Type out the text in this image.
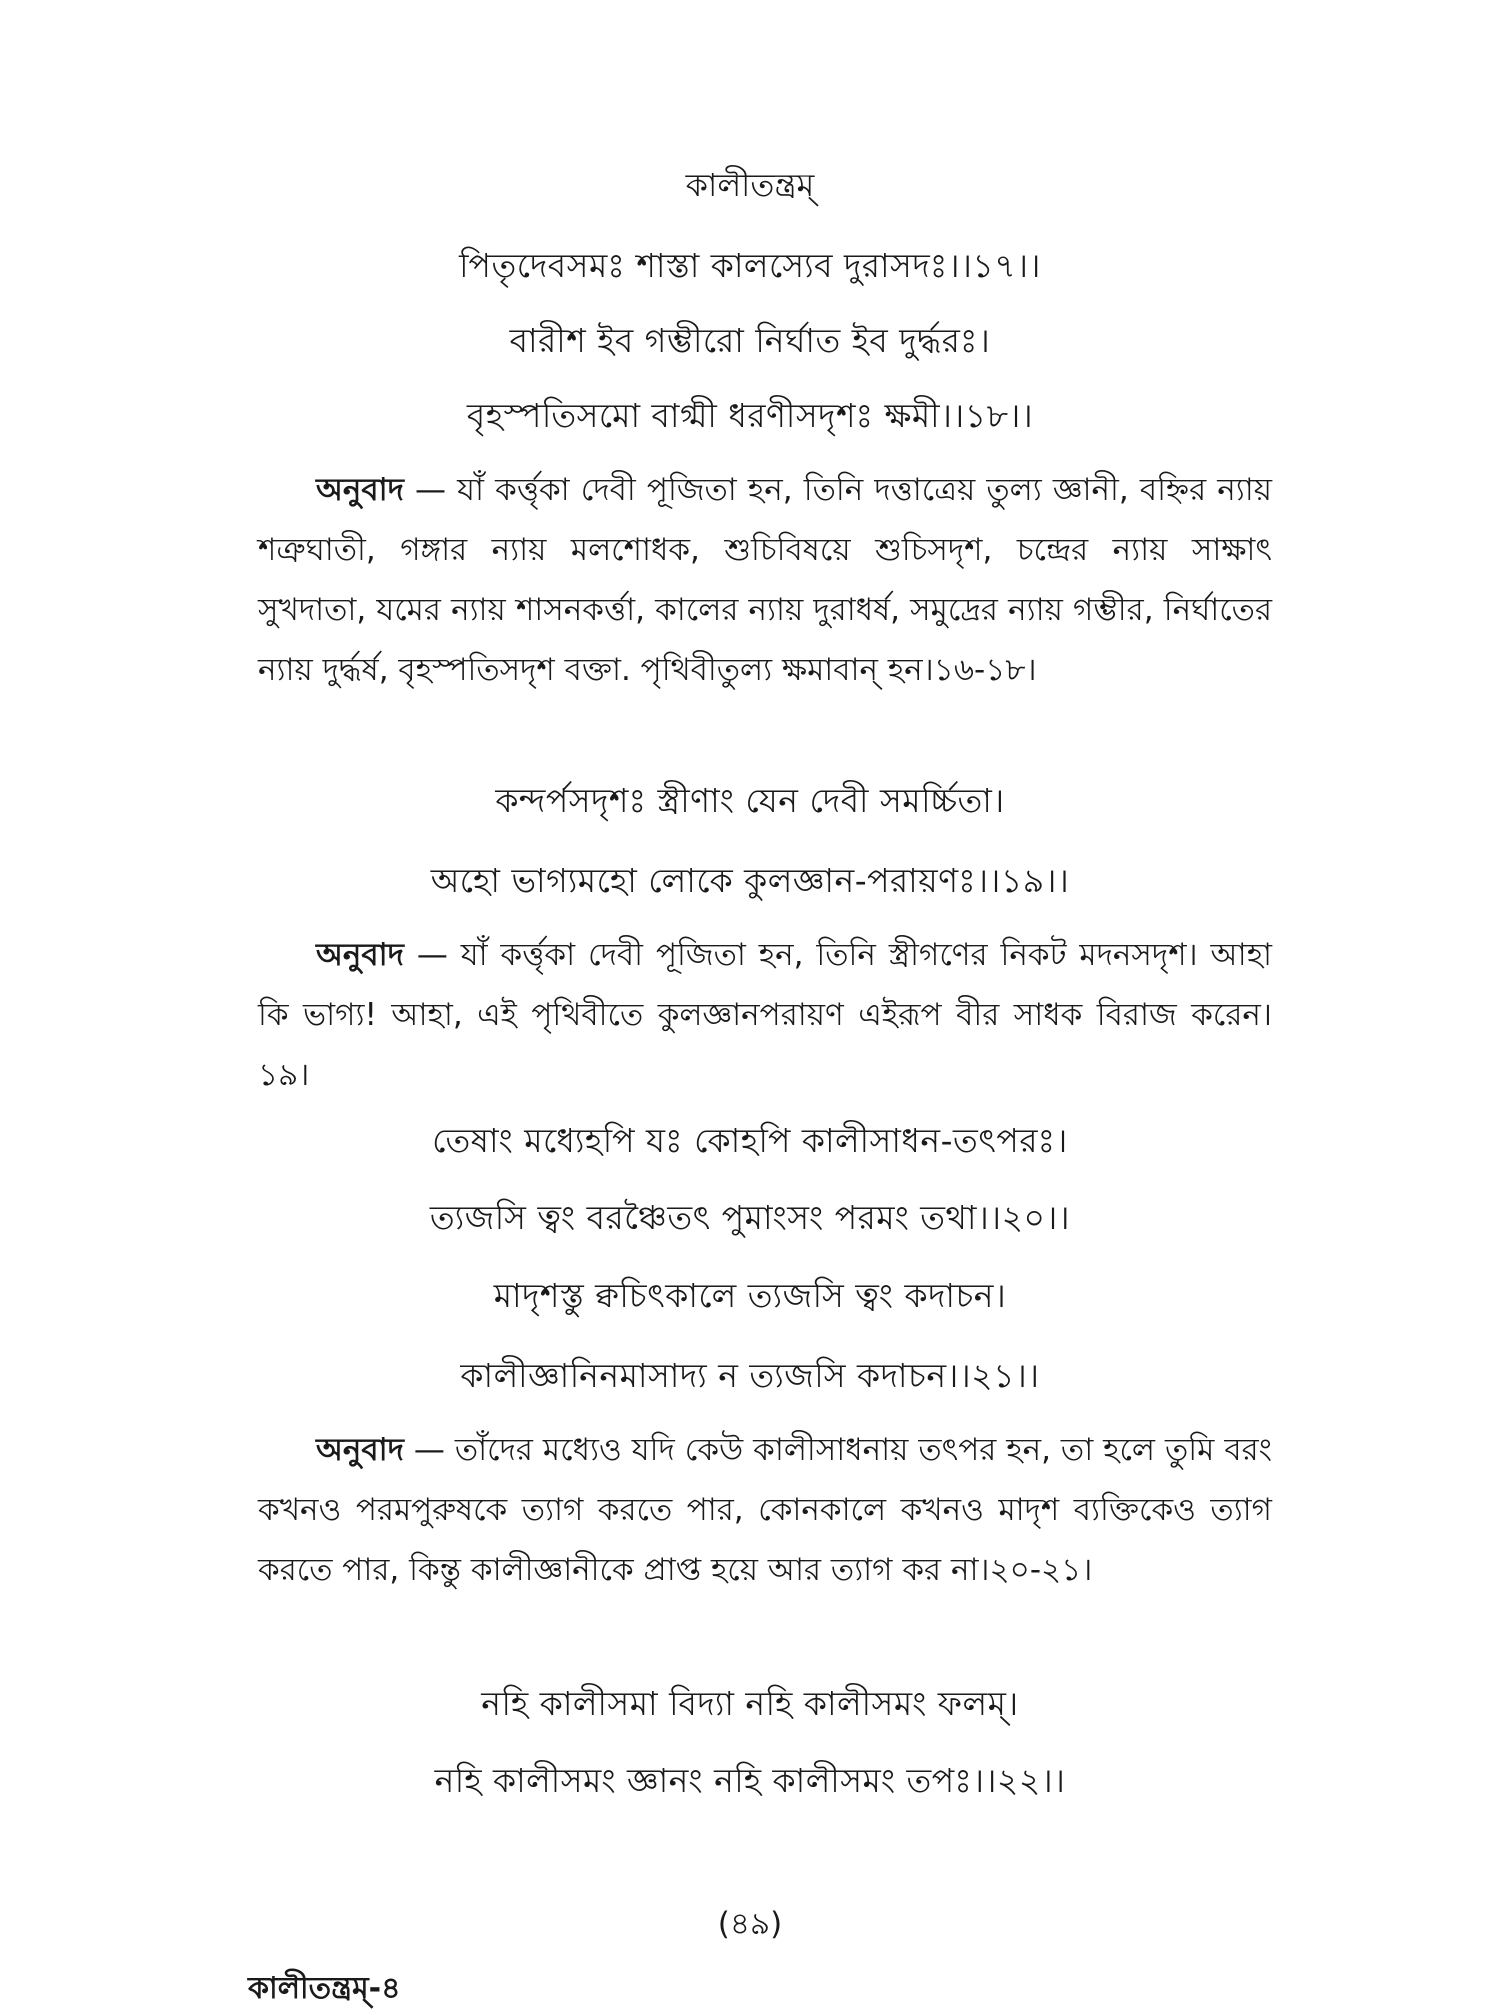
কালীতন্ত্রম্
পিতৃদেবসমঃ শাস্তা কালস্যেব দুরাসদঃ।।১৭।।
বারীশ ইব গম্ভীরো নির্ঘাত ইব দুর্দ্ধরঃ।
বৃহস্পতিসমো বাগ্মী ধরণীসদৃশঃ ক্ষমী।।১৮।।
অনুবাদ — যাঁ কর্ত্তৃকা দেবী পূজিতা হন, তিনি দত্তাত্রেয় তুল্য জ্ঞানী, বহ্নির ন্যায় শত্রুঘাতী, গঙ্গার ন্যায় মলশোধক, শুচিবিষয়ে শুচিসদৃশ, চন্দ্রের ন্যায় সাক্ষাৎ সুখদাতা, যমের ন্যায় শাসনকর্ত্তা, কালের ন্যায় দুরাধর্ষ, সমুদ্রের ন্যায় গম্ভীর, নির্ঘাতের ন্যায় দুর্দ্ধর্ষ, বৃহস্পতিসদৃশ বক্তা. পৃথিবীতুল্য ক্ষমাবান্ হন।১৬-১৮।
কন্দর্পসদৃশঃ স্ত্রীণাং যেন দেবী সমর্চ্চিতা।
অহো ভাগ্যমহো লোকে কুলজ্ঞান-পরায়ণঃ।।১৯।।
অনুবাদ — যাঁ কর্ত্তৃকা দেবী পূজিতা হন, তিনি স্ত্রীগণের নিকট মদনসদৃশ। আহা কি ভাগ্য! আহা, এই পৃথিবীতে কুলজ্ঞানপরায়ণ এইরূপ বীর সাধক বিরাজ করেন।১৯।
তেষাং মধ্যেহপি যঃ কোহপি কালীসাধন-তৎপরঃ।
ত্যজসি ত্বং বরঞ্চৈতৎ পুমাংসং পরমং তথা।।২০।।
মাদৃশস্তু ক্বচিৎকালে ত্যজসি ত্বং কদাচন।
কালীজ্ঞানিনমাসাদ্য ন ত্যজসি কদাচন।।২১।।
অনুবাদ — তাঁদের মধ্যেও যদি কেউ কালীসাধনায় তৎপর হন, তা হলে তুমি বরং কখনও পরমপুরুষকে ত্যাগ করতে পার, কোনকালে কখনও মাদৃশ ব্যক্তিকেও ত্যাগ করতে পার, কিন্তু কালীজ্ঞানীকে প্রাপ্ত হয়ে আর ত্যাগ কর না।২০-২১।
নহি কালীসমা বিদ্যা নহি কালীসমং ফলম্।
নহি কালীসমং জ্ঞানং নহি কালীসমং তপঃ।।২২।।
(৪৯)
কালীতন্ত্রম্-৪
